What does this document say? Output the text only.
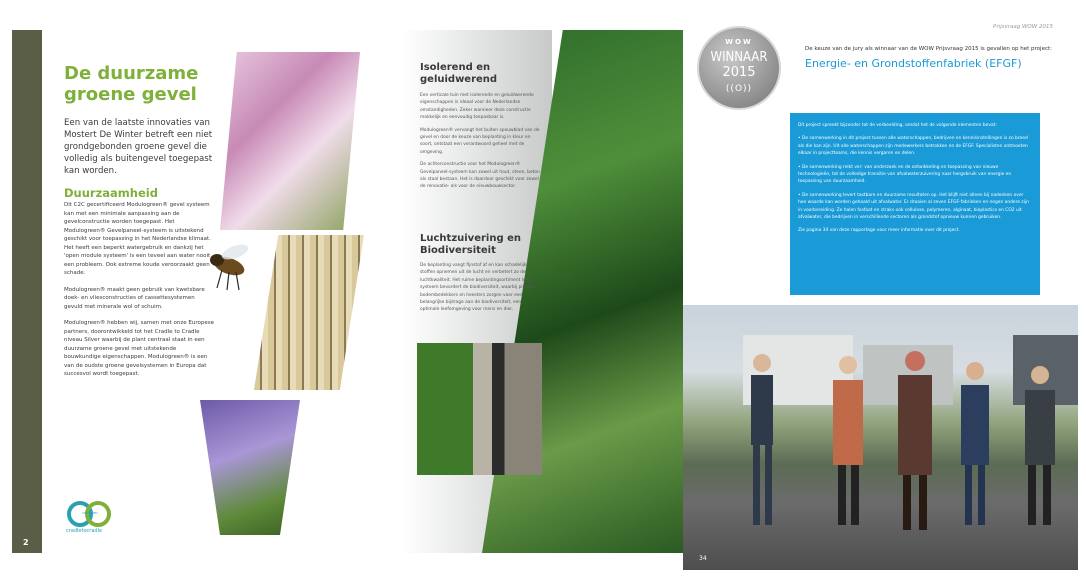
2
De duurzame groene gevel
Een van de laatste innovaties van Mostert De Winter betreft een niet grondgebonden groene gevel die volledig als buitengevel toegepast kan worden.
Duurzaamheid

Dit C2C gecertificeerd Modulogreen® gevel systeem kan met een minimale aanpassing aan de gevelconstructie worden toegepast. Het Modulogreen® Gevelpaneel-systeem is uitstekend geschikt voor toepassing in het Nederlandse klimaat. Het heeft een beperkt watergebruik en dankzij het 'open module systeem' is een teveel aan water nooit een probleem. Ook extreme koude veroorzaakt geen schade.

Modulogreen® maakt geen gebruik van kwetsbare doek- en vliesconstructies of cassettesystemen gevuld met minerale wol of schuim.

Modulogreen® hebben wij, samen met onze Europese partners, doorontwikkeld tot het Cradle to Cradle niveau Silver waarbij de plant centraal staat in een duurzame groene gevel met uitstekende bouwkundige eigenschappen. Modulogreen® is een van de oudste groene gevelsystemen in Europa dat succesvol wordt toegepast.

CERTIFIED
cradletocradle
Isolerend en geluidwerend

Een verticale tuin met isolerende en geluidwerende eigenschappen is ideaal voor de Nederlandse omstandigheden. Zeker wanneer deze constructie makkelijk en eenvoudig toepasbaar is.

Modulogreen® vervangt het buiten spouwblad van de gevel en door de keuze van beplanting in kleur en soort, ontstaat een verantwoord geheel met de omgeving.

De achterconstructie voor het Modulogreen® Gevelpaneel-systeem kan zowel uit hout, steen, beton als staal bestaan. Het is daardoor geschikt voor zowel de renovatie- als voor de nieuwbouwsector.

Luchtzuivering en Biodiversiteit
De beplanting vangt fijnstof af en kan schadelijke stoffen opnemen uit de lucht en verbetert zo de luchtkwaliteit. Het ruime beplantingsortiment in het systeem bevordert de biodiversiteit, waarbij planten, bodembedekkers en heesters zorgen voor een belangrijke bijdrage aan de biodiversiteit, een optimale leefomgeving voor mens en dier.
WOW
WINNAAR
2015
((O))
Prijsvraag WOW 2015
De keuze van de jury als winnaar van de WOW Prijsvraag 2015 is gevallen op het project:
Energie- en Grondstoffenfabriek (EFGF)

Dit project spreekt bijzonder tot de verbeelding, omdat het de volgende elementen bevat:

• De samenwerking in dit project tussen alle waterschappen, bedrijven en kennisinstellingen is zo breed als die kan zijn. Uit alle waterschappen zijn medewerkers betrokken en de EFGF. Specialisten ontmoeten elkaar in projectteams, die kennis vergaren en delen.

• De samenwerking reikt ver: van onderzoek en de ontwikkeling en toepassing van nieuwe technologieën, tot de volledige transitie van afvalwaterzuivering naar hergebruik van energie en toepassing van duurzaamheid.

• De samenwerking levert tastbare en duurzame resultaten op. Het blijft niet alleen bij nadenken over hoe waarde kan worden gehaald uit afvalwater. Er draaien al zeven EFGF-fabrieken en negen andere zijn in voorbereiding. Ze halen fosfaat en straks ook cellulose, polymeren, alginaat, bioplastics en CO2 uit afvalwater, die bedrijven in verschillende sectoren als grondstof opnieuw kunnen gebruiken.

Zie pagina 34 van deze rapportage voor meer informatie over dit project.

34
